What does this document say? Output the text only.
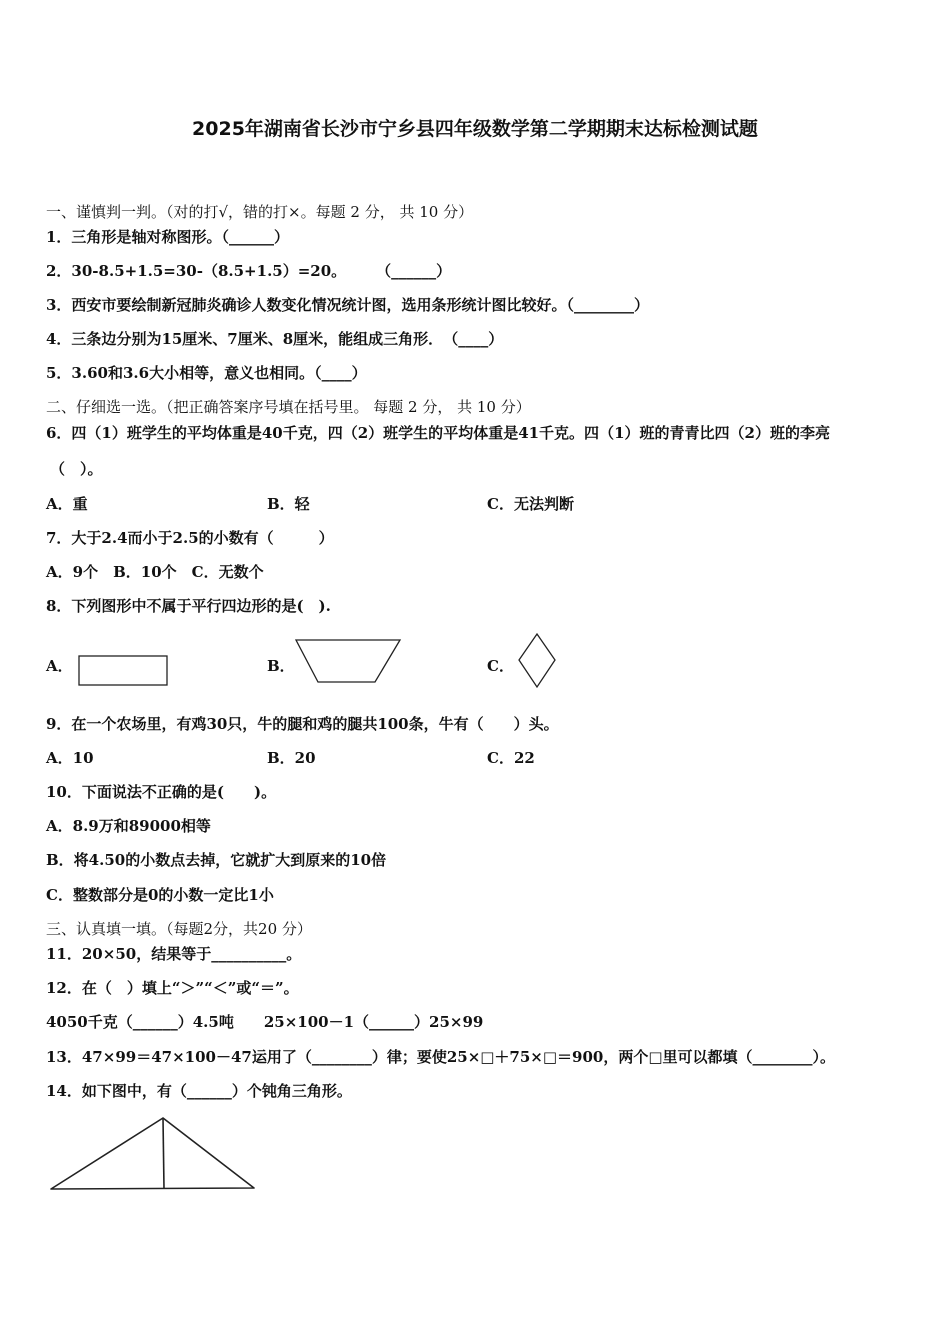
2025年湖南省长沙市宁乡县四年级数学第二学期期末达标检测试题
一、谨慎判一判。（对的打√，错的打×。每题 2 分， 共 10 分）
1．三角形是轴对称图形。（______）
2．30-8.5+1.5=30-（8.5+1.5）=20。　　　（______）
3．西安市要绘制新冠肺炎确诊人数变化情况统计图，选用条形统计图比较好。（________）
4．三条边分别为15厘米、7厘米、8厘米，能组成三角形．　（____）
5．3.60和3.6大小相等，意义也相同。（____）
二、仔细选一选。（把正确答案序号填在括号里。 每题 2 分， 共 10 分）
6．四（1）班学生的平均体重是40千克，四（2）班学生的平均体重是41千克。四（1）班的青青比四（2）班的李亮
（　）。
A．重	B．轻	C．无法判断
7．大于2.4而小于2.5的小数有（　　　）
A．9个　B．10个　C．无数个
8．下列图形中不属于平行四边形的是(　).
A．	B．	C．
9．在一个农场里，有鸡30只，牛的腿和鸡的腿共100条，牛有（　　）头。
A．10	B．20	C．22
10．下面说法不正确的是(　　)。
A．8.9万和89000相等
B．将4.50的小数点去掉，它就扩大到原来的10倍
C．整数部分是0的小数一定比1小
三、认真填一填。（每题2分，共20 分）
11．20×50，结果等于__________。
12．在（　）填上“＞”“＜”或“＝”。
4050千克（______）4.5吨　　25×100－1（______）25×99
13．47×99＝47×100－47运用了（________）律；要使25×□＋75×□＝900，两个□里可以都填（________）。
14．如下图中，有（______）个钝角三角形。
